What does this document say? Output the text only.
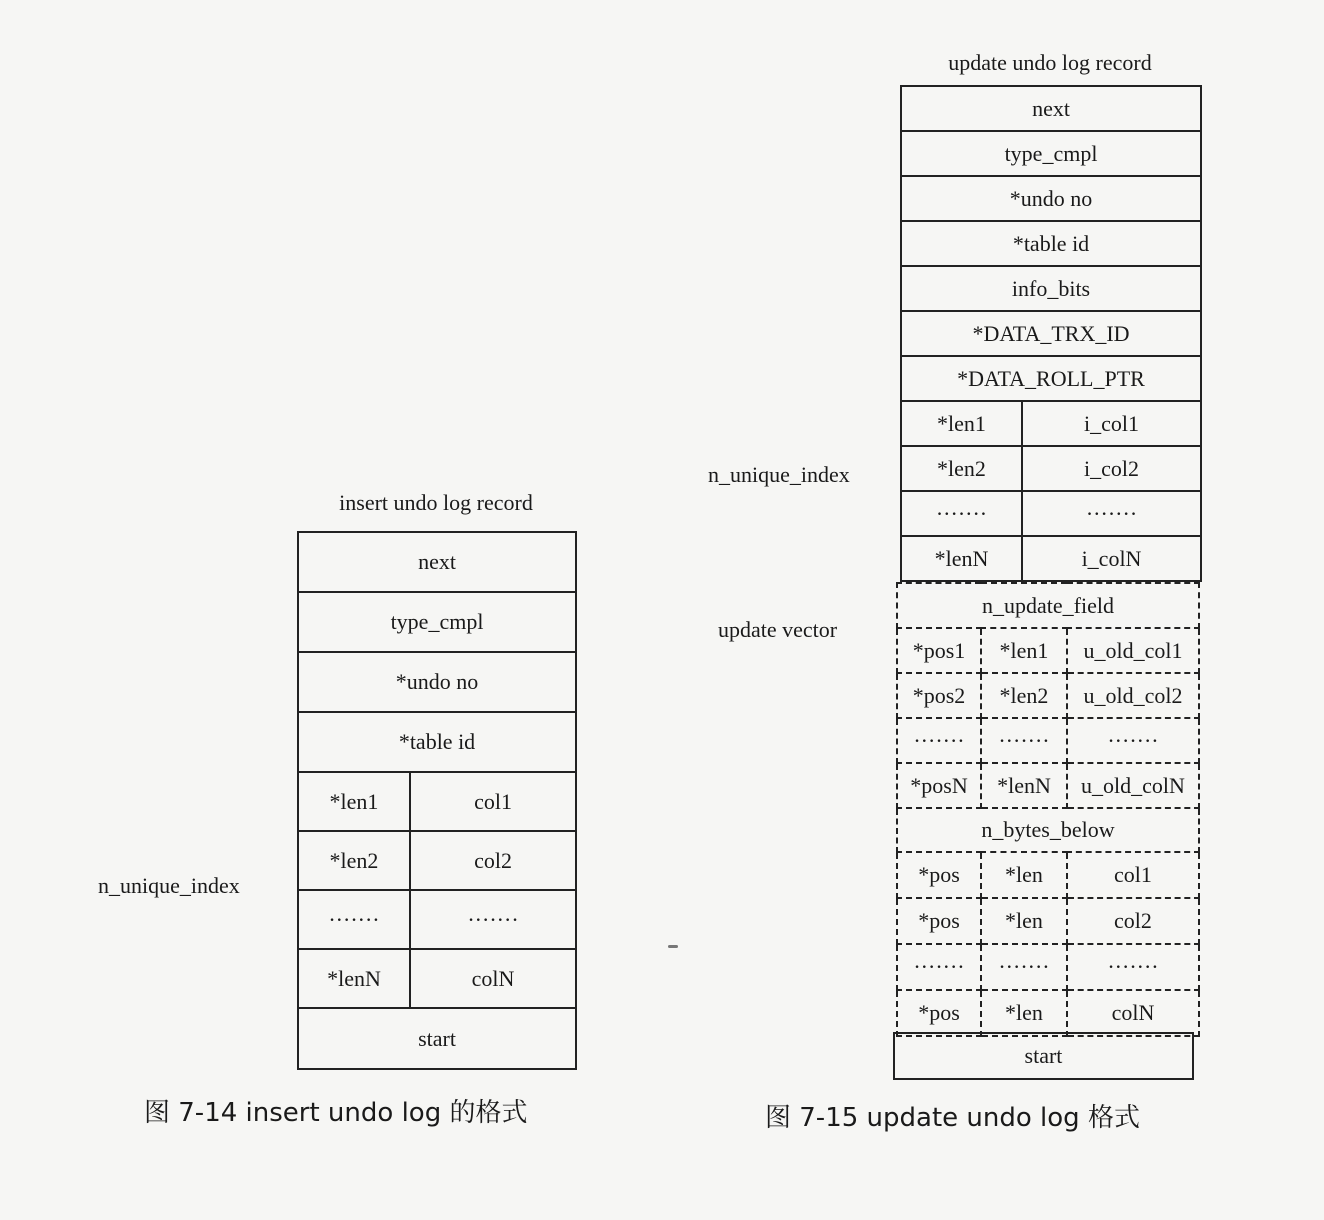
insert undo log record
n_unique_index
next	
type_cmpl	
*undo no	
*table id	
*len1	col1
*len2	col2
·······	·······
*lenN	colN
start	
图 7-14 insert undo log 的格式
update undo log record
n_unique_index
update vector
next	
type_cmpl	
*undo no	
*table id	
info_bits	
*DATA_TRX_ID	
*DATA_ROLL_PTR	
*len1	i_col1
*len2	i_col2
·······	·······
*lenN	i_colN
n_update_field		
*pos1	*len1	u_old_col1
*pos2	*len2	u_old_col2
·······	·······	·······
*posN	*lenN	u_old_colN
n_bytes_below		
*pos	*len	col1
*pos	*len	col2
·······	·······	·······
*pos	*len	colN
start
图 7-15 update undo log 格式
